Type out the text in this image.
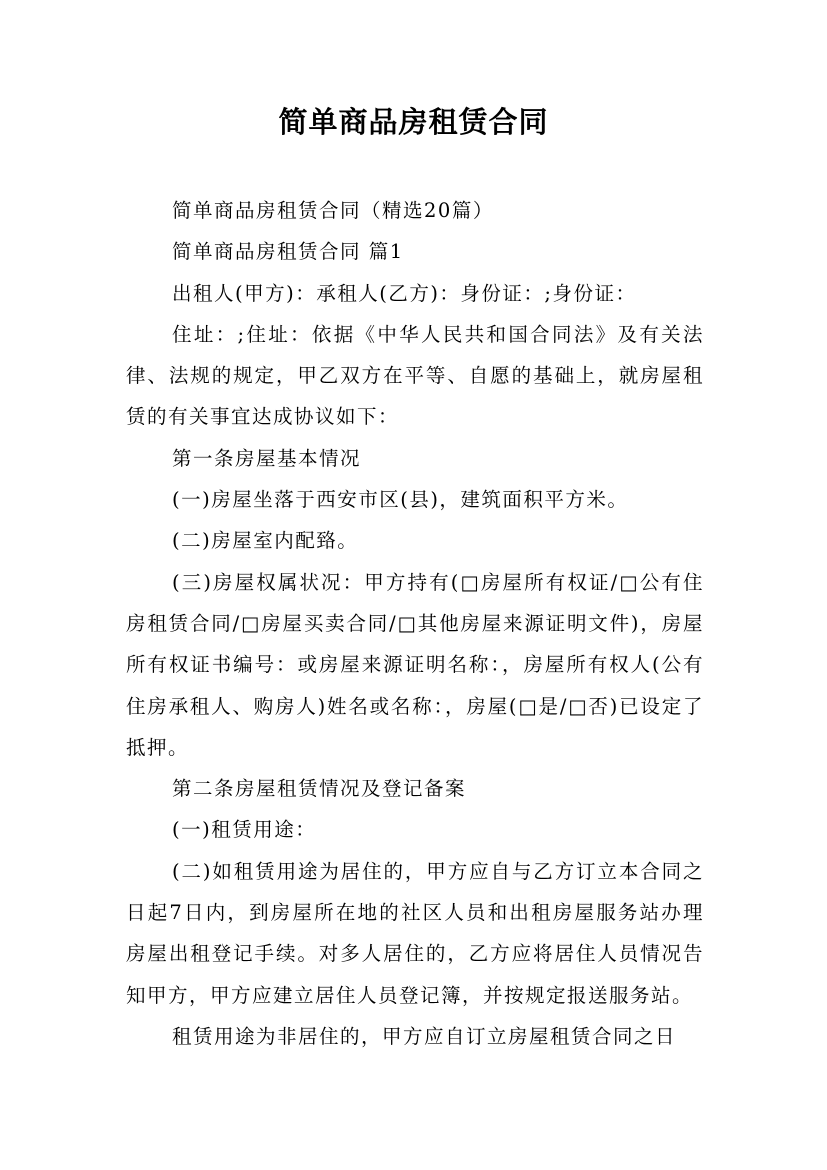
简单商品房租赁合同

简单商品房租赁合同（精选20篇）

简单商品房租赁合同 篇1

出租人(甲方)：承租人(乙方)：身份证：;身份证：

住址：;住址：依据《中华人民共和国合同法》及有关法律、法规的规定，甲乙双方在平等、自愿的基础上，就房屋租赁的有关事宜达成协议如下：

第一条房屋基本情况

(一)房屋坐落于西安市区(县)，建筑面积平方米。

(二)房屋室内配臵。

(三)房屋权属状况：甲方持有(□房屋所有权证/□公有住房租赁合同/□房屋买卖合同/□其他房屋来源证明文件)，房屋所有权证书编号：或房屋来源证明名称：，房屋所有权人(公有住房承租人、购房人)姓名或名称：，房屋(□是/□否)已设定了抵押。

第二条房屋租赁情况及登记备案

(一)租赁用途：

(二)如租赁用途为居住的，甲方应自与乙方订立本合同之日起7日内，到房屋所在地的社区人员和出租房屋服务站办理房屋出租登记手续。对多人居住的，乙方应将居住人员情况告知甲方，甲方应建立居住人员登记簿，并按规定报送服务站。

租赁用途为非居住的，甲方应自订立房屋租赁合同之日
